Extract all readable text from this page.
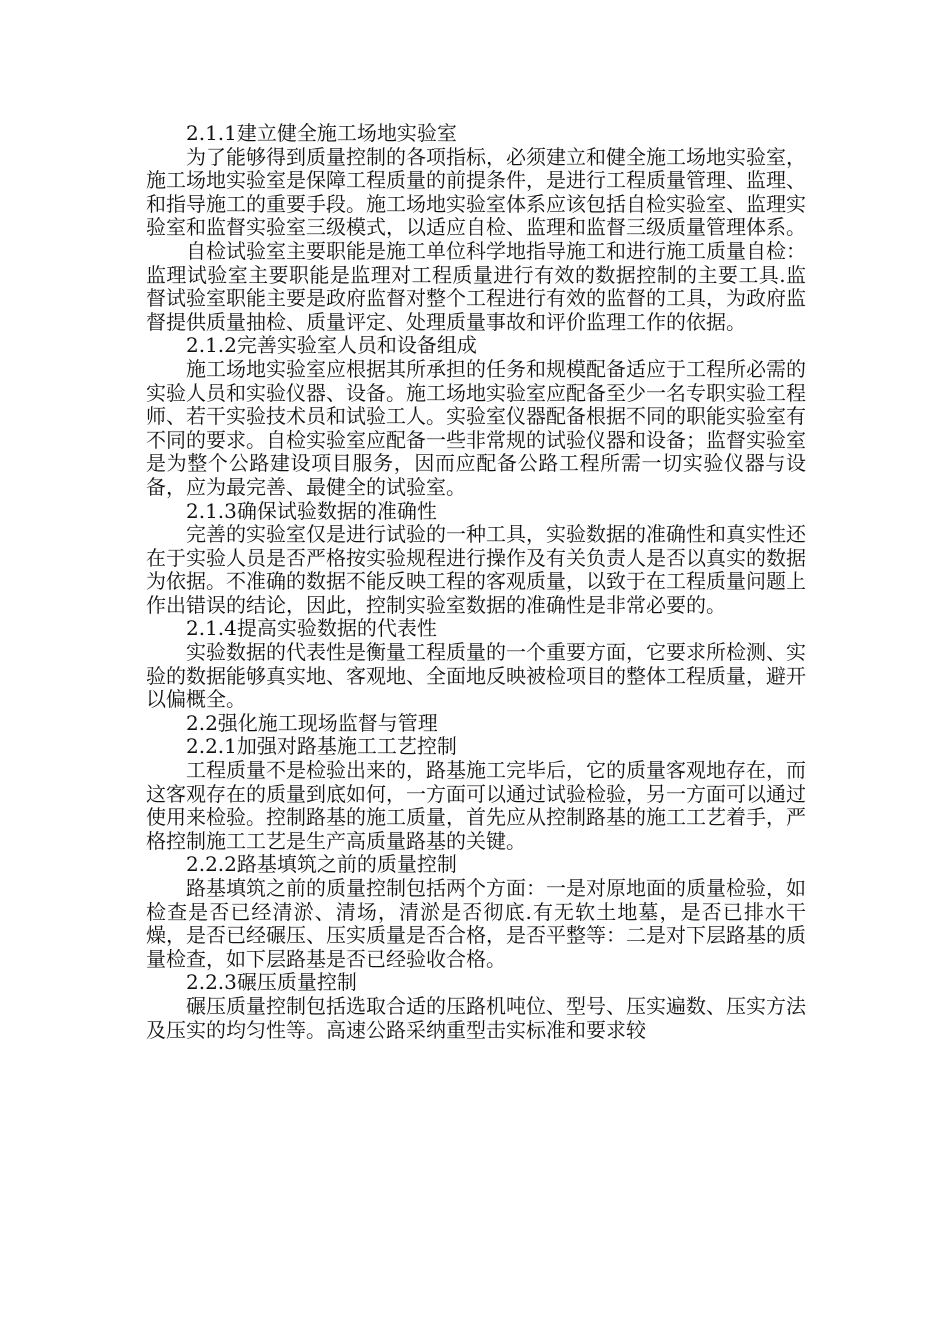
2.1.1建立健全施工场地实验室

为了能够得到质量控制的各项指标，必须建立和健全施工场地实验室，施工场地实验室是保障工程质量的前提条件，是进行工程质量管理、监理、和指导施工的重要手段。施工场地实验室体系应该包括自检实验室、监理实验室和监督实验室三级模式，以适应自检、监理和监督三级质量管理体系。

自检试验室主要职能是施工单位科学地指导施工和进行施工质量自检：监理试验室主要职能是监理对工程质量进行有效的数据控制的主要工具.监督试验室职能主要是政府监督对整个工程进行有效的监督的工具，为政府监督提供质量抽检、质量评定、处理质量事故和评价监理工作的依据。

2.1.2完善实验室人员和设备组成

施工场地实验室应根据其所承担的任务和规模配备适应于工程所必需的实验人员和实验仪器、设备。施工场地实验室应配备至少一名专职实验工程师、若干实验技术员和试验工人。实验室仪器配备根据不同的职能实验室有不同的要求。自检实验室应配备一些非常规的试验仪器和设备；监督实验室是为整个公路建设项目服务，因而应配备公路工程所需一切实验仪器与设备，应为最完善、最健全的试验室。

2.1.3确保试验数据的准确性

完善的实验室仅是进行试验的一种工具，实验数据的准确性和真实性还在于实验人员是否严格按实验规程进行操作及有关负责人是否以真实的数据为依据。不准确的数据不能反映工程的客观质量，以致于在工程质量问题上作出错误的结论，因此，控制实验室数据的准确性是非常必要的。

2.1.4提高实验数据的代表性

实验数据的代表性是衡量工程质量的一个重要方面，它要求所检测、实验的数据能够真实地、客观地、全面地反映被检项目的整体工程质量，避开以偏概全。

2.2强化施工现场监督与管理

2.2.1加强对路基施工工艺控制

工程质量不是检验出来的，路基施工完毕后，它的质量客观地存在，而这客观存在的质量到底如何，一方面可以通过试验检验，另一方面可以通过使用来检验。控制路基的施工质量，首先应从控制路基的施工工艺着手，严格控制施工工艺是生产高质量路基的关键。

2.2.2路基填筑之前的质量控制

路基填筑之前的质量控制包括两个方面：一是对原地面的质量检验，如检查是否已经清淤、清场，清淤是否彻底.有无软土地墓，是否已排水干燥，是否已经碾压、压实质量是否合格，是否平整等：二是对下层路基的质量检查，如下层路基是否已经验收合格。

2.2.3碾压质量控制

碾压质量控制包括选取合适的压路机吨位、型号、压实遍数、压实方法及压实的均匀性等。高速公路采纳重型击实标准和要求较
